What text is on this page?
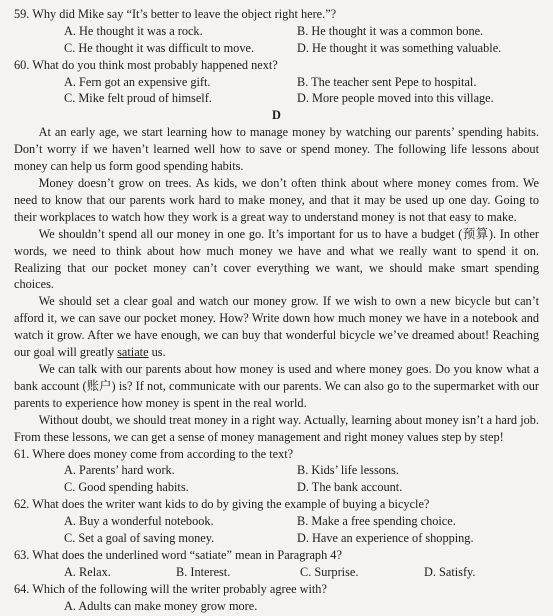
59. Why did Mike say “It’s better to leave the object right here.”?

A. He thought it was a rock.	B. He thought it was a common bone.
C. He thought it was difficult to move.	D. He thought it was something valuable.

60. What do you think most probably happened next?

A. Fern got an expensive gift.	B. The teacher sent Pepe to hospital.
C. Mike felt proud of himself.	D. More people moved into this village.

D

At an early age, we start learning how to manage money by watching our parents’ spending habits. Don’t worry if we haven’t learned well how to save or spend money. The following life lessons about money can help us form good spending habits.

Money doesn’t grow on trees. As kids, we don’t often think about where money comes from. We need to know that our parents work hard to make money, and that it may be used up one day. Going to their workplaces to watch how they work is a great way to understand money is not that easy to make.

We shouldn’t spend all our money in one go. It’s important for us to have a budget (预算). In other words, we need to think about how much money we have and what we really want to spend it on. Realizing that our pocket money can’t cover everything we want, we should make smart spending choices.

We should set a clear goal and watch our money grow. If we wish to own a new bicycle but can’t afford it, we can save our pocket money. How? Write down how much money we have in a notebook and watch it grow. After we have enough, we can buy that wonderful bicycle we’ve dreamed about! Reaching our goal will greatly satiate us.

We can talk with our parents about how money is used and where money goes. Do you know what a bank account (账户) is? If not, communicate with our parents. We can also go to the supermarket with our parents to experience how money is spent in the real world.

Without doubt, we should treat money in a right way. Actually, learning about money isn’t a hard job. From these lessons, we can get a sense of money management and right money values step by step!

61. Where does money come from according to the text?

A. Parents’ hard work.	B. Kids’ life lessons.
C. Good spending habits.	D. The bank account.

62. What does the writer want kids to do by giving the example of buying a bicycle?

A. Buy a wonderful notebook.	B. Make a free spending choice.
C. Set a goal of saving money.	D. Have an experience of shopping.

63. What does the underlined word “satiate” mean in Paragraph 4?

A. Relax.	B. Interest.	C. Surprise.	D. Satisfy.

64. Which of the following will the writer probably agree with?

A. Adults can make money grow more.
